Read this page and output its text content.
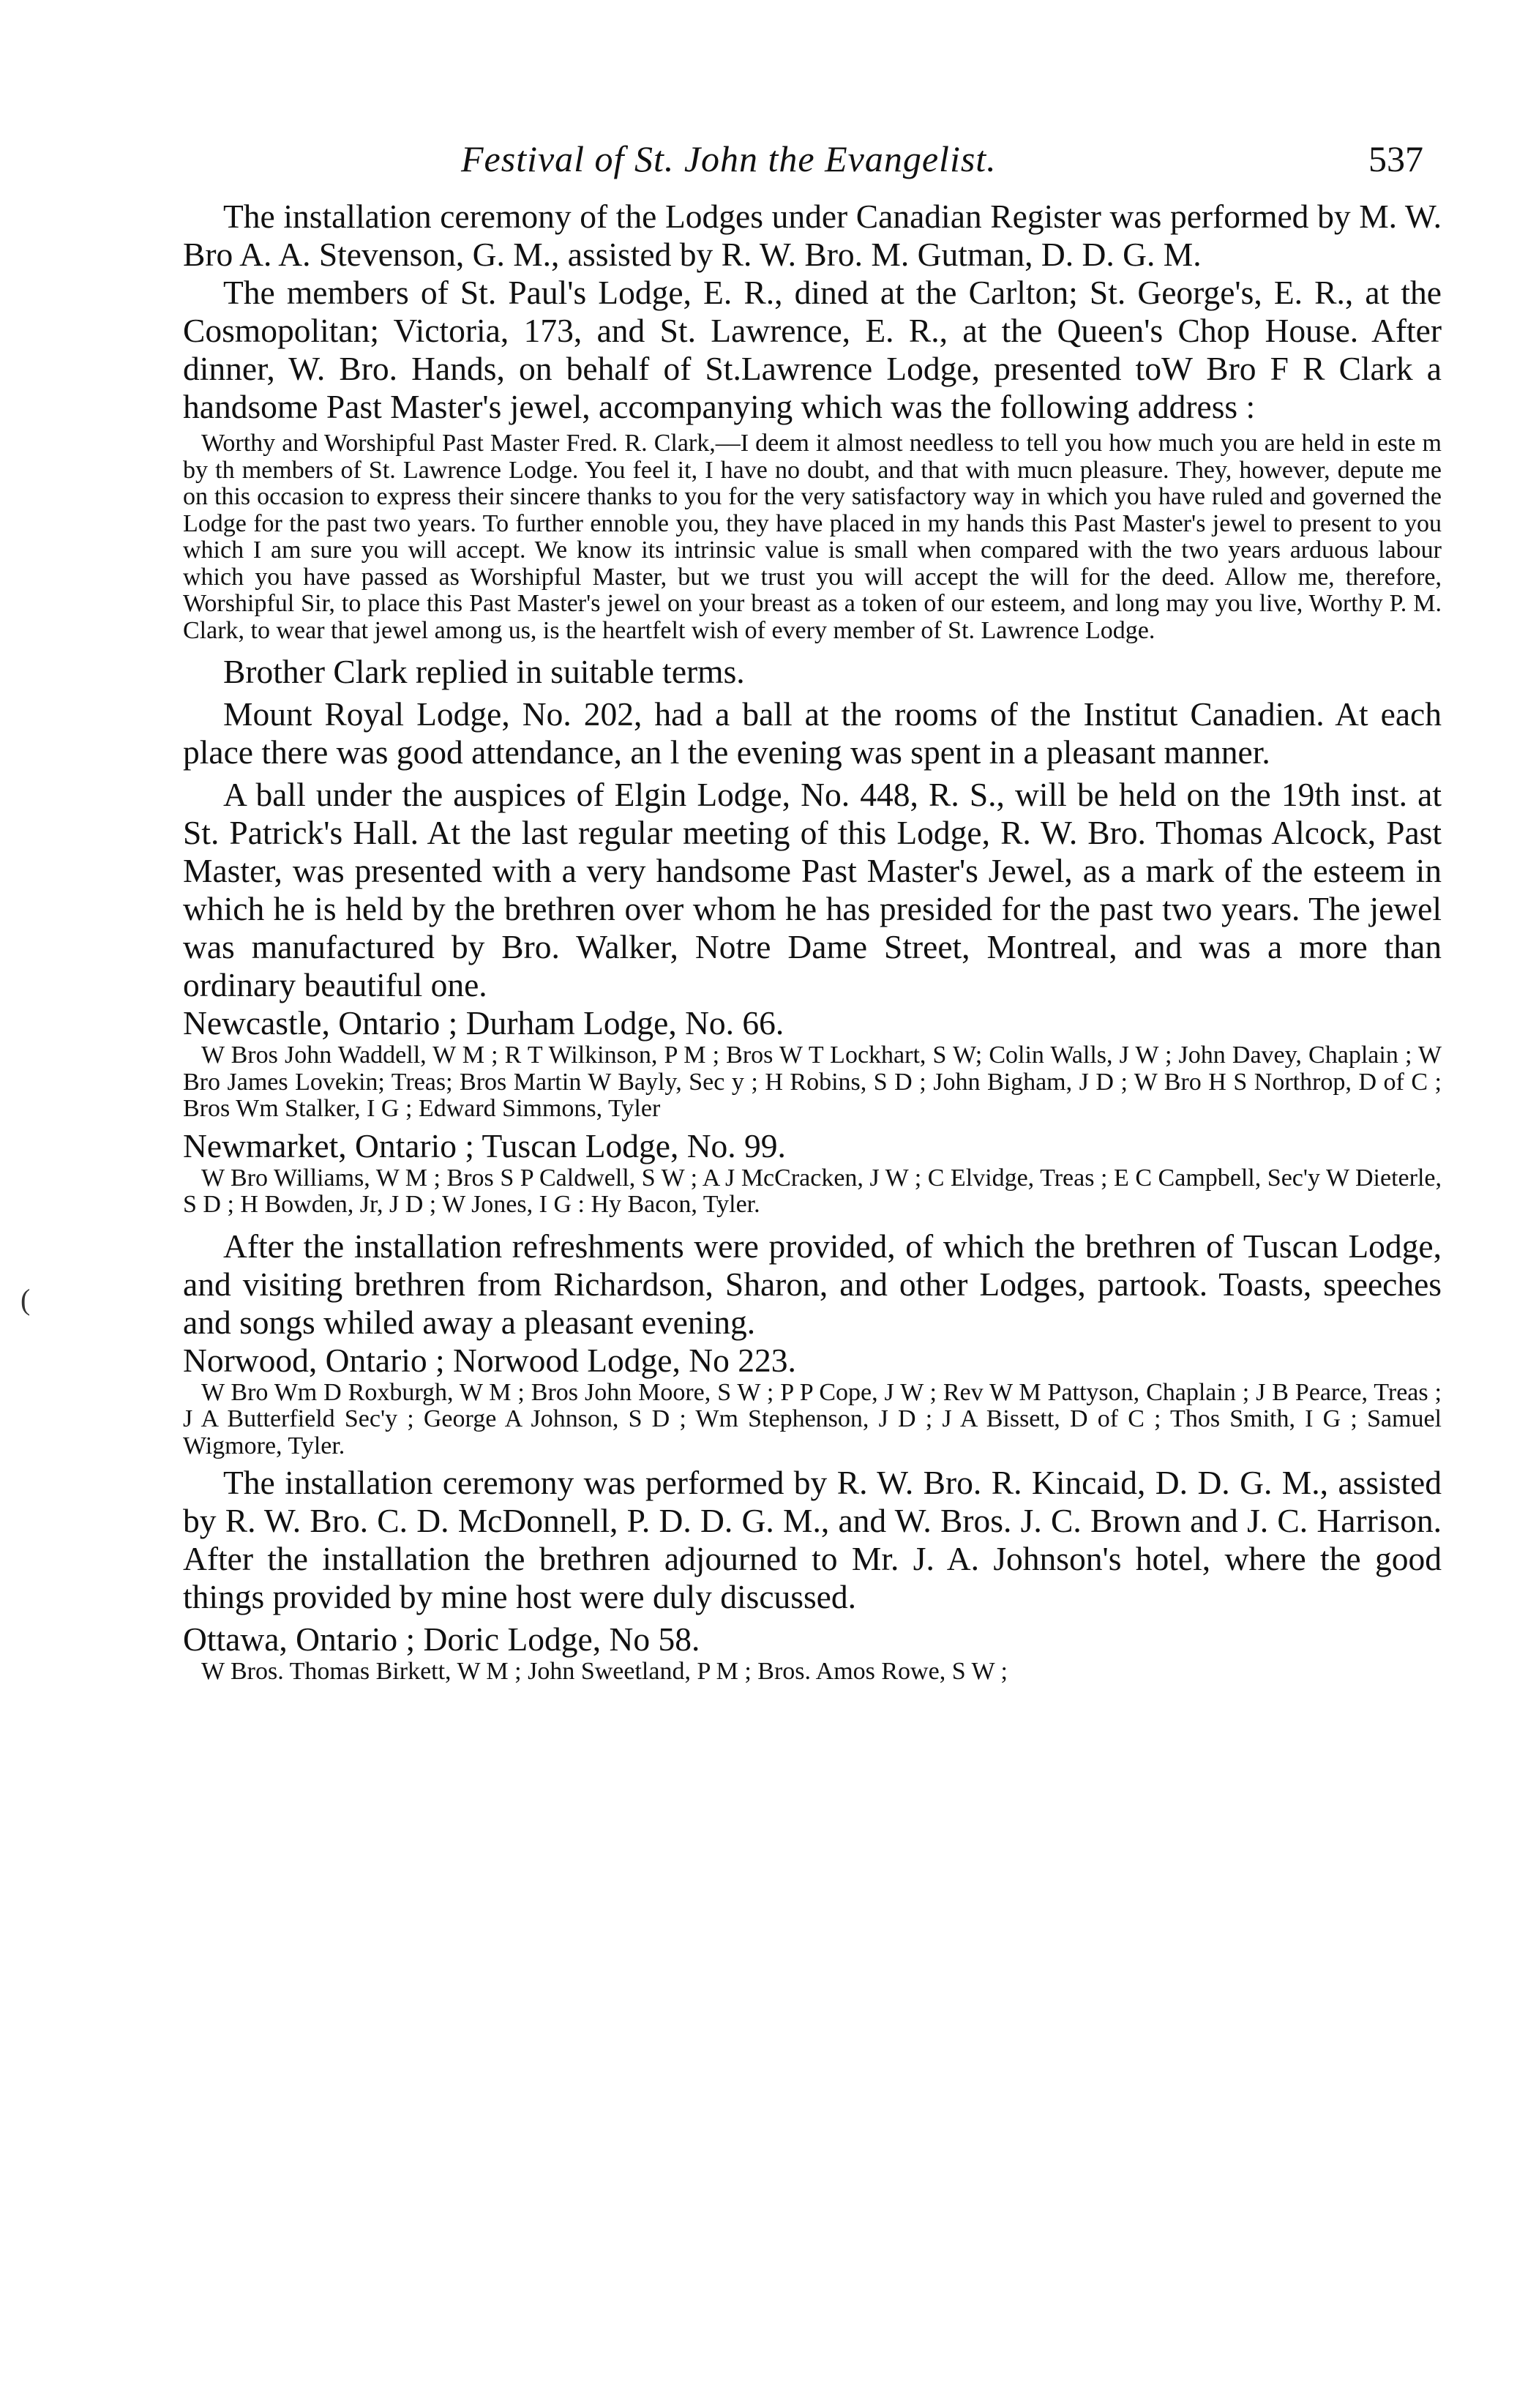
Festival of St. John the Evangelist.	537
(

The installation ceremony of the Lodges under Canadian Register was performed by M. W. Bro A. A. Stevenson, G. M., assisted by R. W. Bro. M. Gutman, D. D. G. M.

The members of St. Paul's Lodge, E. R., dined at the Carlton; St. George's, E. R., at the Cosmopolitan; Victoria, 173, and St. Lawrence, E. R., at the Queen's Chop House. After dinner, W. Bro. Hands, on behalf of St.Lawrence Lodge, presented toW Bro F R Clark a handsome Past Master's jewel, accompanying which was the following address :

Worthy and Worshipful Past Master Fred. R. Clark,—I deem it almost needless to tell you how much you are held in este m by th members of St. Lawrence Lodge. You feel it, I have no doubt, and that with mucn pleasure. They, however, depute me on this occasion to express their sincere thanks to you for the very satisfactory way in which you have ruled and governed the Lodge for the past two years. To further ennoble you, they have placed in my hands this Past Master's jewel to present to you which I am sure you will accept. We know its intrinsic value is small when compared with the two years arduous labour which you have passed as Worshipful Master, but we trust you will accept the will for the deed. Allow me, therefore, Worshipful Sir, to place this Past Master's jewel on your breast as a token of our esteem, and long may you live, Worthy P. M. Clark, to wear that jewel among us, is the heartfelt wish of every member of St. Lawrence Lodge.

Brother Clark replied in suitable terms.

Mount Royal Lodge, No. 202, had a ball at the rooms of the Institut Canadien. At each place there was good attendance, an l the evening was spent in a pleasant manner.

A ball under the auspices of Elgin Lodge, No. 448, R. S., will be held on the 19th inst. at St. Patrick's Hall. At the last regular meeting of this Lodge, R. W. Bro. Thomas Alcock, Past Master, was presented with a very handsome Past Master's Jewel, as a mark of the esteem in which he is held by the brethren over whom he has presided for the past two years. The jewel was manufactured by Bro. Walker, Notre Dame Street, Montreal, and was a more than ordinary beautiful one.

Newcastle, Ontario ; Durham Lodge, No. 66.

W Bros John Waddell, W M ; R T Wilkinson, P M ; Bros W T Lockhart, S W; Colin Walls, J W ; John Davey, Chaplain ; W Bro James Lovekin; Treas; Bros Martin W Bayly, Sec y ; H Robins, S D ; John Bigham, J D ; W Bro H S Northrop, D of C ; Bros Wm Stalker, I G ; Edward Simmons, Tyler

Newmarket, Ontario ; Tuscan Lodge, No. 99.

W Bro Williams, W M ; Bros S P Caldwell, S W ; A J McCracken, J W ; C Elvidge, Treas ; E C Campbell, Sec'y W Dieterle, S D ; H Bowden, Jr, J D ; W Jones, I G : Hy Bacon, Tyler.

After the installation refreshments were provided, of which the brethren of Tuscan Lodge, and visiting brethren from Richardson, Sharon, and other Lodges, partook. Toasts, speeches and songs whiled away a pleasant evening.

Norwood, Ontario ; Norwood Lodge, No 223.

W Bro Wm D Roxburgh, W M ; Bros John Moore, S W ; P P Cope, J W ; Rev W M Pattyson, Chaplain ; J B Pearce, Treas ; J A Butterfield Sec'y ; George A Johnson, S D ; Wm Stephenson, J D ; J A Bissett, D of C ; Thos Smith, I G ; Samuel Wigmore, Tyler.

The installation ceremony was performed by R. W. Bro. R. Kincaid, D. D. G. M., assisted by R. W. Bro. C. D. McDonnell, P. D. D. G. M., and W. Bros. J. C. Brown and J. C. Harrison. After the installation the brethren adjourned to Mr. J. A. Johnson's hotel, where the good things provided by mine host were duly discussed.

Ottawa, Ontario ; Doric Lodge, No 58.

W Bros. Thomas Birkett, W M ; John Sweetland, P M ; Bros. Amos Rowe, S W ;
